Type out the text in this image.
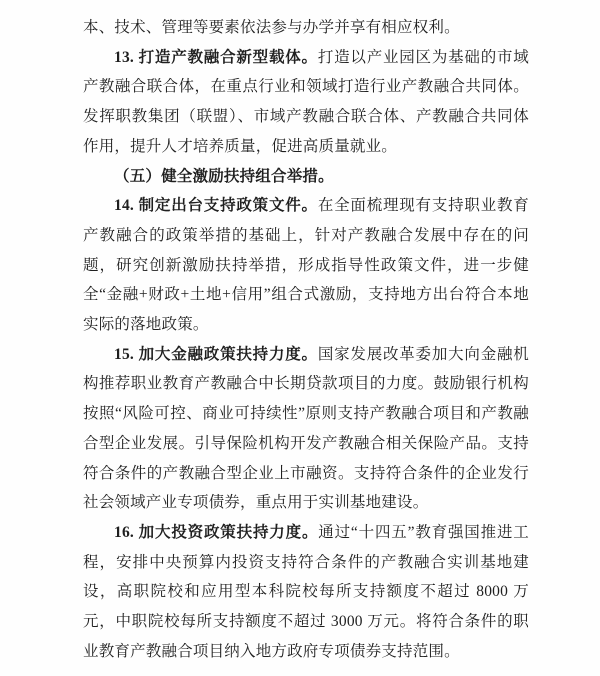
本、技术、管理等要素依法参与办学并享有相应权利。

13. 打造产教融合新型载体。打造以产业园区为基础的市域产教融合联合体，在重点行业和领域打造行业产教融合共同体。发挥职教集团（联盟）、市域产教融合联合体、产教融合共同体作用，提升人才培养质量，促进高质量就业。

（五）健全激励扶持组合举措。

14. 制定出台支持政策文件。在全面梳理现有支持职业教育产教融合的政策举措的基础上，针对产教融合发展中存在的问题，研究创新激励扶持举措，形成指导性政策文件，进一步健全“金融+财政+土地+信用”组合式激励，支持地方出台符合本地实际的落地政策。

15. 加大金融政策扶持力度。国家发展改革委加大向金融机构推荐职业教育产教融合中长期贷款项目的力度。鼓励银行机构按照“风险可控、商业可持续性”原则支持产教融合项目和产教融合型企业发展。引导保险机构开发产教融合相关保险产品。支持符合条件的产教融合型企业上市融资。支持符合条件的企业发行社会领域产业专项债券，重点用于实训基地建设。

16. 加大投资政策扶持力度。通过“十四五”教育强国推进工程，安排中央预算内投资支持符合条件的产教融合实训基地建设，高职院校和应用型本科院校每所支持额度不超过 8000 万元，中职院校每所支持额度不超过 3000 万元。将符合条件的职业教育产教融合项目纳入地方政府专项债券支持范围。
